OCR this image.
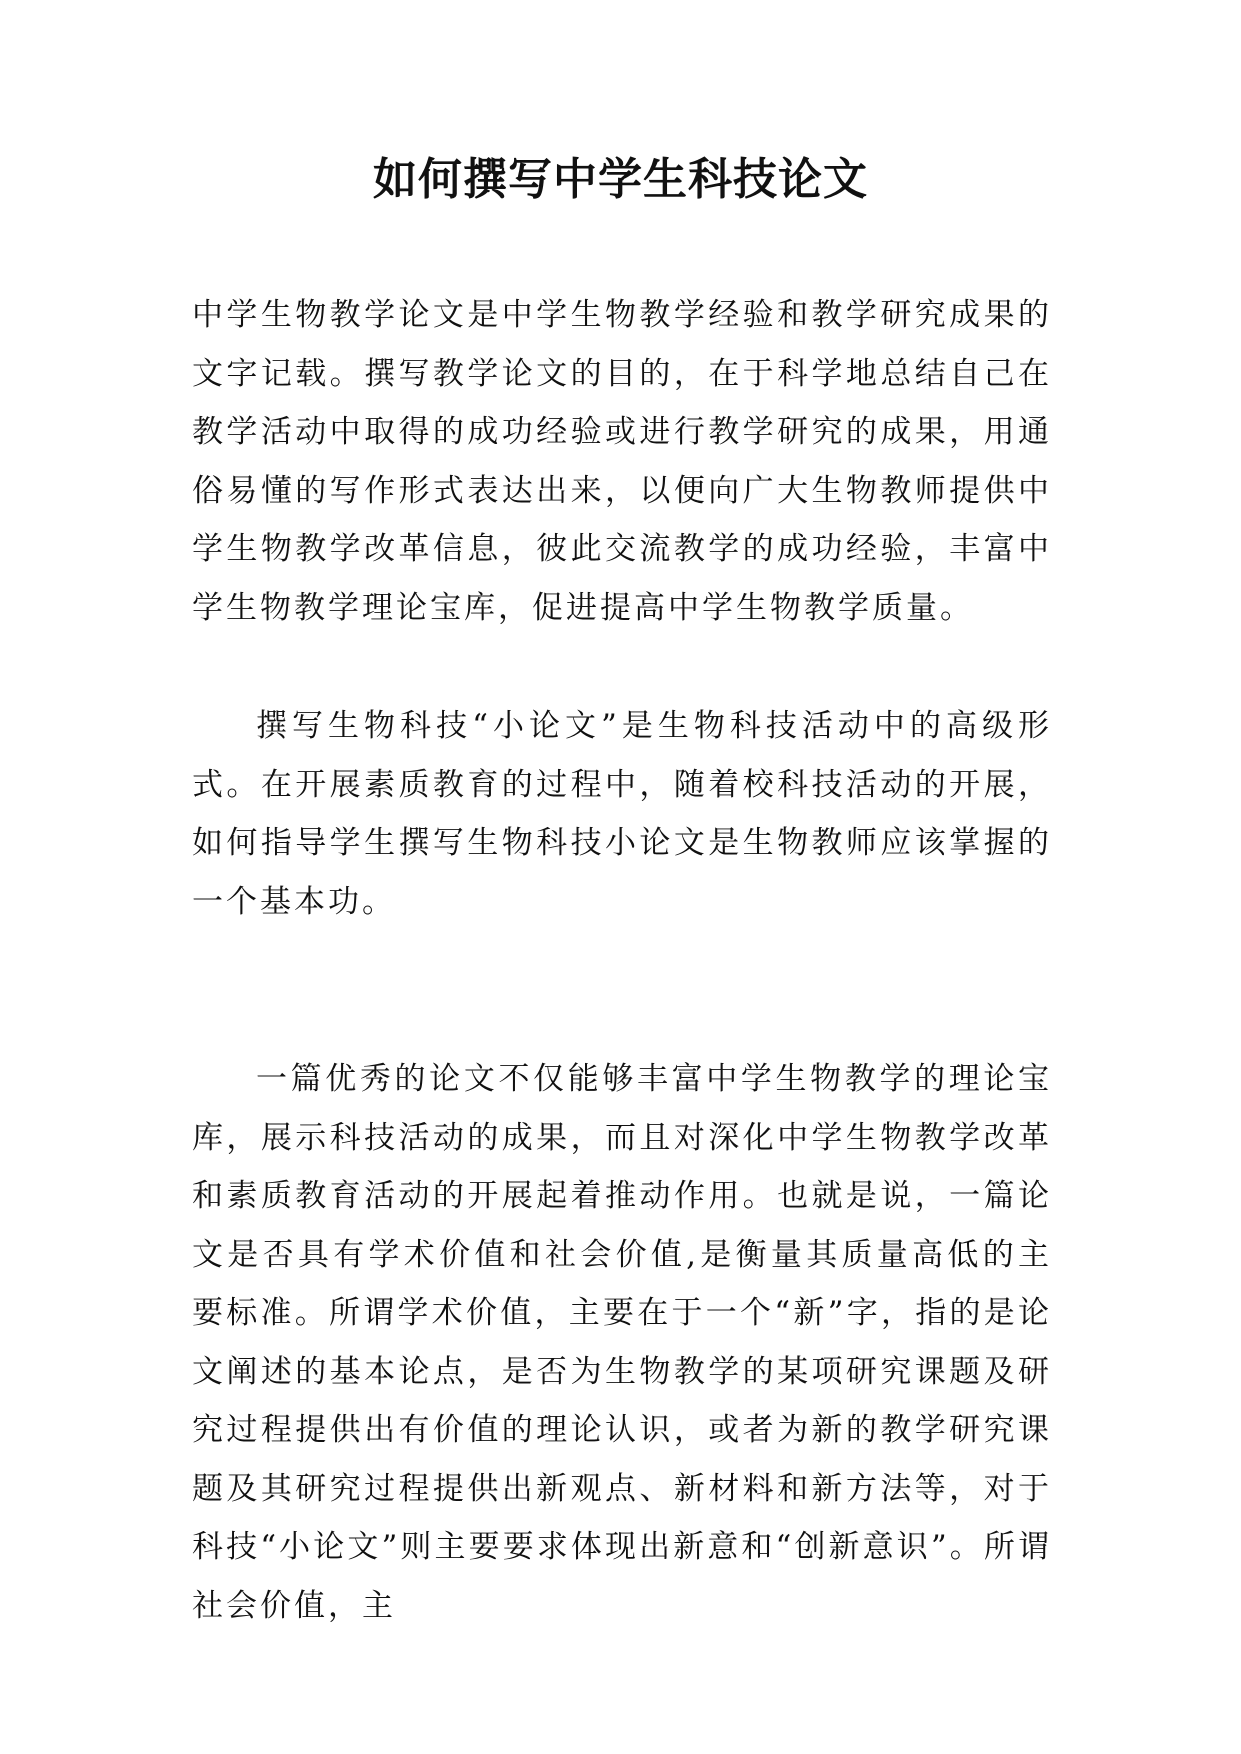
如何撰写中学生科技论文

中学生物教学论文是中学生物教学经验和教学研究成果的文字记载。撰写教学论文的目的，在于科学地总结自己在教学活动中取得的成功经验或进行教学研究的成果，用通俗易懂的写作形式表达出来，以便向广大生物教师提供中学生物教学改革信息，彼此交流教学的成功经验，丰富中学生物教学理论宝库，促进提高中学生物教学质量。

撰写生物科技“小论文”是生物科技活动中的高级形式。在开展素质教育的过程中，随着校科技活动的开展，如何指导学生撰写生物科技小论文是生物教师应该掌握的一个基本功。

一篇优秀的论文不仅能够丰富中学生物教学的理论宝库，展示科技活动的成果，而且对深化中学生物教学改革和素质教育活动的开展起着推动作用。也就是说，一篇论文是否具有学术价值和社会价值,是衡量其质量高低的主要标准。所谓学术价值，主要在于一个“新”字，指的是论文阐述的基本论点，是否为生物教学的某项研究课题及研究过程提供出有价值的理论认识，或者为新的教学研究课题及其研究过程提供出新观点、新材料和新方法等，对于科技“小论文”则主要要求体现出新意和“创新意识”。所谓社会价值，主
